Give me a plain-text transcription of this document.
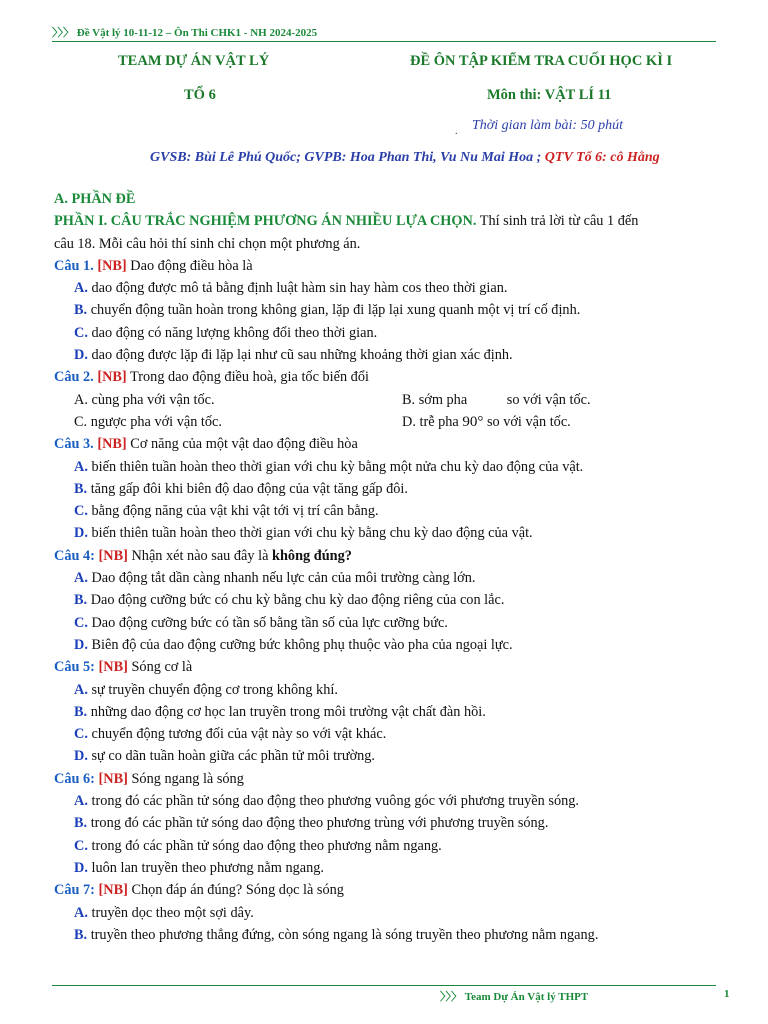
〉〉〉 Đề Vật lý 10-11-12 – Ôn Thi CHK1 - NH 2024-2025
TEAM DỰ ÁN VẬT LÝ
TỔ 6
ĐỀ ÔN TẬP KIỂM TRA CUỐI HỌC KÌ I
Môn thi: VẬT LÍ 11
. Thời gian làm bài: 50 phút
GVSB: Bùi Lê Phú Quốc; GVPB: Hoa Phan Thi, Vu Nu Mai Hoa ; QTV Tổ 6: cô Hằng
A. PHẦN ĐỀ
PHẦN I. CÂU TRẮC NGHIỆM PHƯƠNG ÁN NHIỀU LỰA CHỌN. Thí sinh trả lời từ câu 1 đến
câu 18. Mỗi câu hỏi thí sinh chỉ chọn một phương án.
Câu 1. [NB] Dao động điều hòa là
A. dao động được mô tả bằng định luật hàm sin hay hàm cos theo thời gian.
B. chuyển động tuần hoàn trong không gian, lặp đi lặp lại xung quanh một vị trí cố định.
C. dao động có năng lượng không đổi theo thời gian.
D. dao động được lặp đi lặp lại như cũ sau những khoảng thời gian xác định.
Câu 2. [NB] Trong dao động điều hoà, gia tốc biến đổi
A. cùng pha với vận tốc.	B. sớm pha	so với vận tốc.
C. ngược pha với vận tốc.	D. trễ pha 90° so với vận tốc.
Câu 3. [NB] Cơ năng của một vật dao động điều hòa
A. biến thiên tuần hoàn theo thời gian với chu kỳ bằng một nửa chu kỳ dao động của vật.
B. tăng gấp đôi khi biên độ dao động của vật tăng gấp đôi.
C. bằng động năng của vật khi vật tới vị trí cân bằng.
D. biến thiên tuần hoàn theo thời gian với chu kỳ bằng chu kỳ dao động của vật.
Câu 4: [NB] Nhận xét nào sau đây là không đúng?
A. Dao động tắt dần càng nhanh nếu lực cản của môi trường càng lớn.
B. Dao động cưỡng bức có chu kỳ bằng chu kỳ dao động riêng của con lắc.
C. Dao động cưỡng bức có tần số bằng tần số của lực cưỡng bức.
D. Biên độ của dao động cưỡng bức không phụ thuộc vào pha của ngoại lực.
Câu 5: [NB] Sóng cơ là
A. sự truyền chuyển động cơ trong không khí.
B. những dao động cơ học lan truyền trong môi trường vật chất đàn hồi.
C. chuyển động tương đối của vật này so với vật khác.
D. sự co dãn tuần hoàn giữa các phần tử môi trường.
Câu 6: [NB] Sóng ngang là sóng
A. trong đó các phần tử sóng dao động theo phương vuông góc với phương truyền sóng.
B. trong đó các phần tử sóng dao động theo phương trùng với phương truyền sóng.
C. trong đó các phần tử sóng dao động theo phương nằm ngang.
D. luôn lan truyền theo phương nằm ngang.
Câu 7: [NB] Chọn đáp án đúng? Sóng dọc là sóng
A. truyền dọc theo một sợi dây.
B. truyền theo phương thẳng đứng, còn sóng ngang là sóng truyền theo phương nằm ngang.
〉〉〉 Team Dự Án Vật lý THPT	1
